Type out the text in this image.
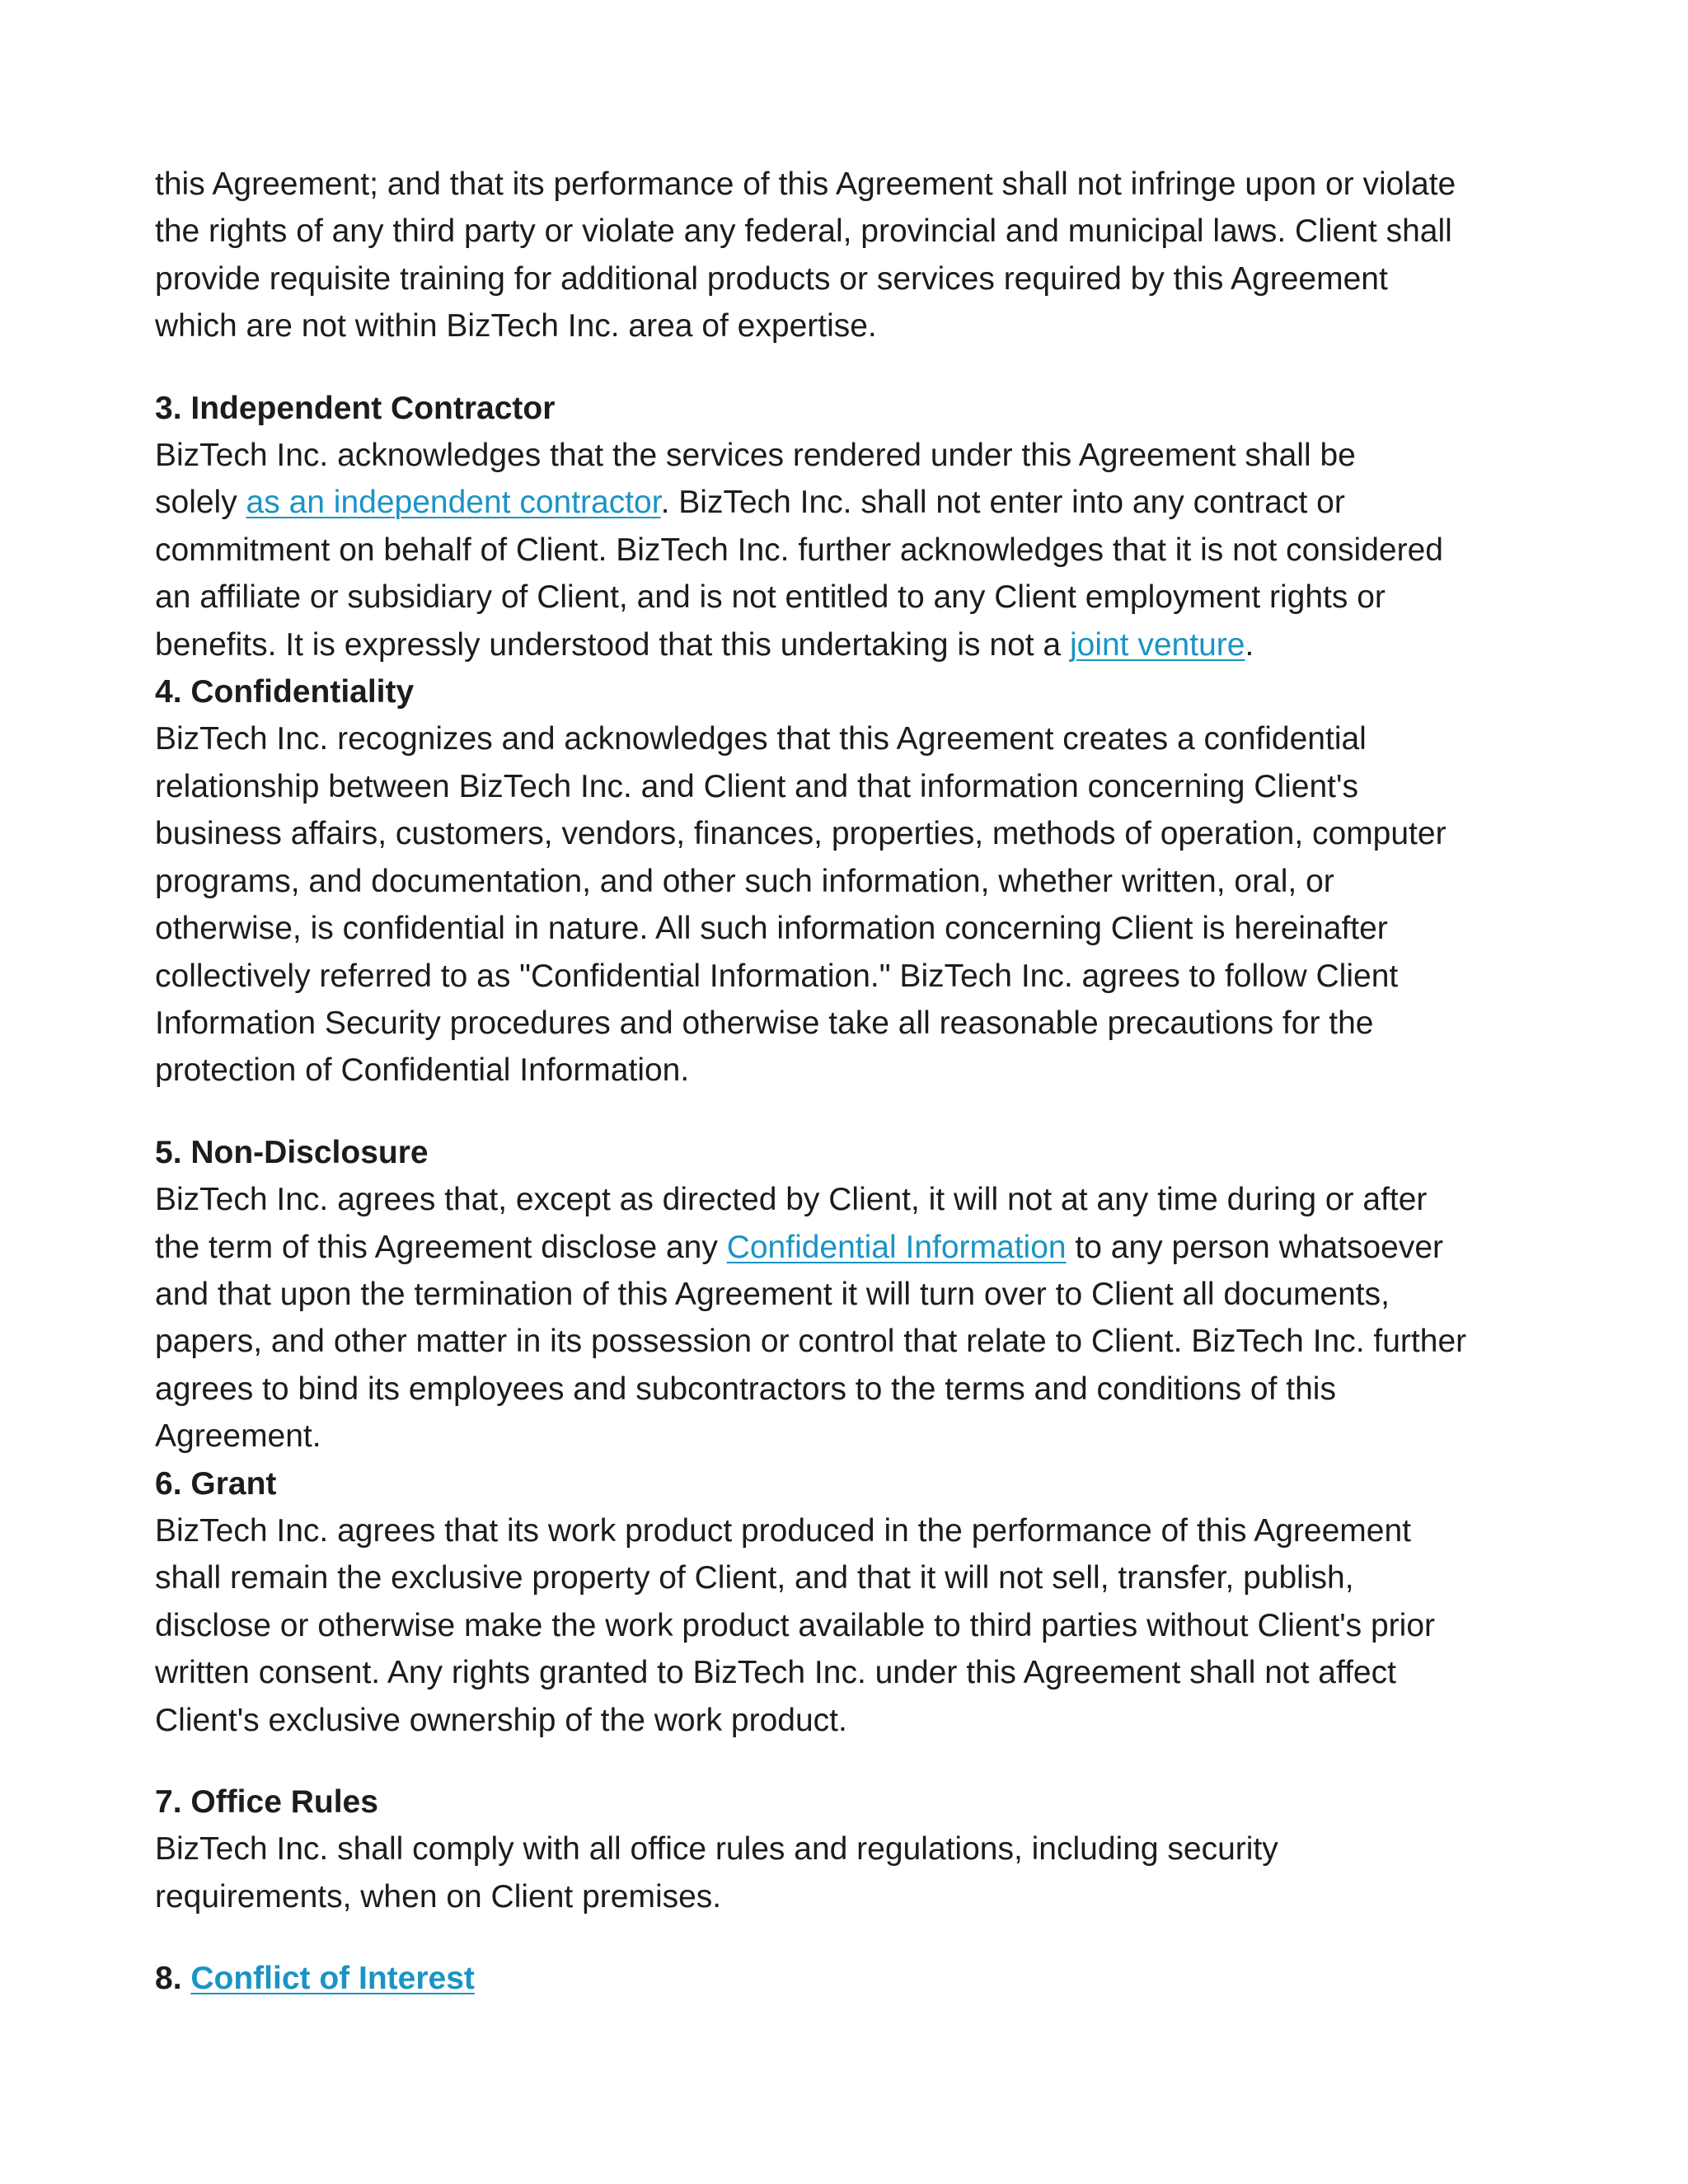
this Agreement; and that its performance of this Agreement shall not infringe upon or violate
the rights of any third party or violate any federal, provincial and municipal laws. Client shall
provide requisite training for additional products or services required by this Agreement
which are not within BizTech Inc. area of expertise.

3. Independent Contractor

BizTech Inc. acknowledges that the services rendered under this Agreement shall be
solely as an independent contractor. BizTech Inc. shall not enter into any contract or
commitment on behalf of Client. BizTech Inc. further acknowledges that it is not considered
an affiliate or subsidiary of Client, and is not entitled to any Client employment rights or
benefits. It is expressly understood that this undertaking is not a joint venture.

4. Confidentiality

BizTech Inc. recognizes and acknowledges that this Agreement creates a confidential
relationship between BizTech Inc. and Client and that information concerning Client's
business affairs, customers, vendors, finances, properties, methods of operation, computer
programs, and documentation, and other such information, whether written, oral, or
otherwise, is confidential in nature. All such information concerning Client is hereinafter
collectively referred to as "Confidential Information." BizTech Inc. agrees to follow Client
Information Security procedures and otherwise take all reasonable precautions for the
protection of Confidential Information.

5. Non-Disclosure

BizTech Inc. agrees that, except as directed by Client, it will not at any time during or after
the term of this Agreement disclose any Confidential Information to any person whatsoever
and that upon the termination of this Agreement it will turn over to Client all documents,
papers, and other matter in its possession or control that relate to Client. BizTech Inc. further
agrees to bind its employees and subcontractors to the terms and conditions of this
Agreement.

6. Grant

BizTech Inc. agrees that its work product produced in the performance of this Agreement
shall remain the exclusive property of Client, and that it will not sell, transfer, publish,
disclose or otherwise make the work product available to third parties without Client's prior
written consent. Any rights granted to BizTech Inc. under this Agreement shall not affect
Client's exclusive ownership of the work product.

7. Office Rules

BizTech Inc. shall comply with all office rules and regulations, including security
requirements, when on Client premises.

8. Conflict of Interest
